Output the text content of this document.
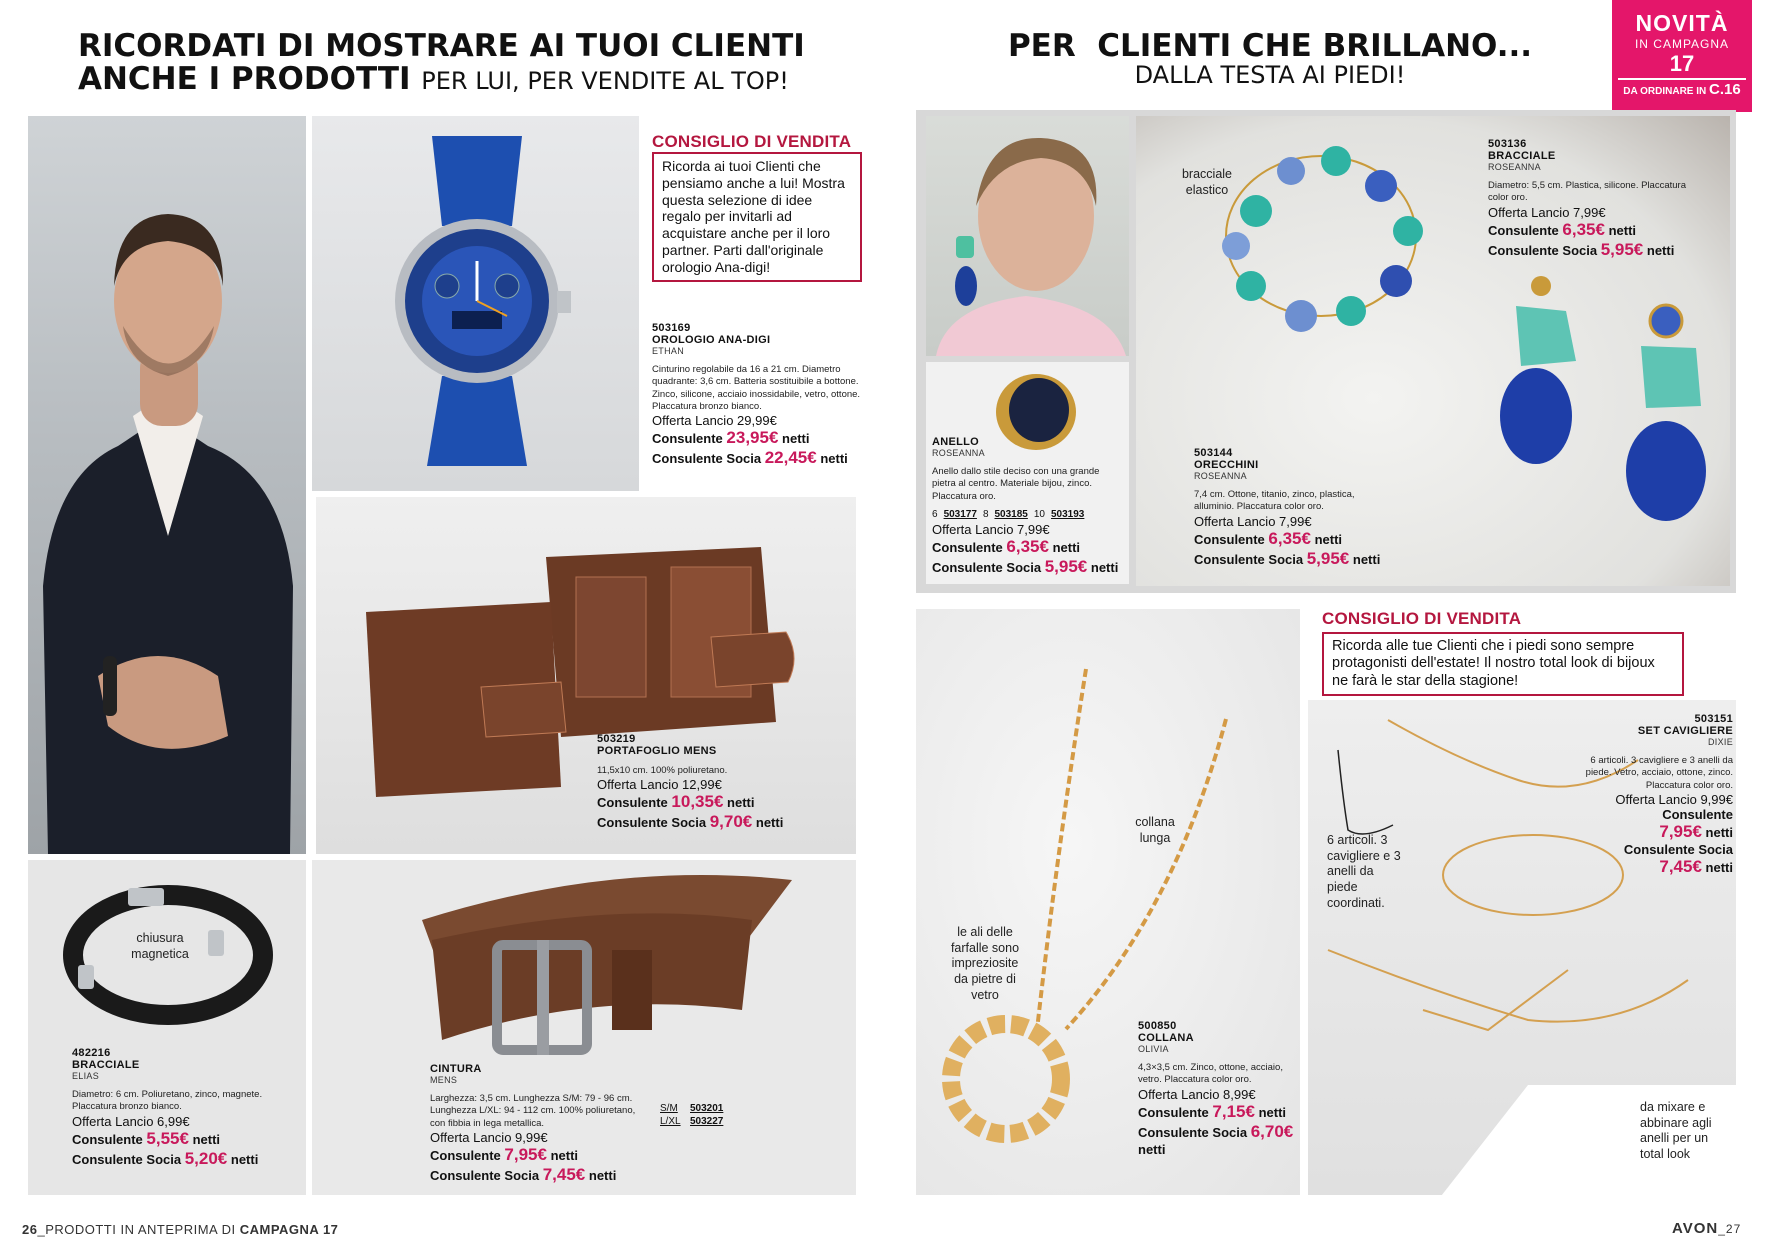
RICORDATI DI MOSTRARE AI TUOI CLIENTI
ANCHE I PRODOTTI PER LUI, PER VENDITE AL TOP!
CONSIGLIO DI VENDITA
Ricorda ai tuoi Clienti che pensiamo anche a lui! Mostra questa selezione di idee regalo per invitarli ad acquistare anche per il loro partner. Parti dall'originale orologio Ana-digi!
503169
OROLOGIO ANA-DIGI
ETHAN
Cinturino regolabile da 16 a 21 cm. Diametro quadrante: 3,6 cm. Batteria sostituibile a bottone. Zinco, silicone, acciaio inossidabile, vetro, ottone. Placcatura bronzo bianco.
Offerta Lancio 29,99€
Consulente 23,95€ netti
Consulente Socia 22,45€ netti
503219
PORTAFOGLIO MENS
11,5x10 cm. 100% poliuretano.
Offerta Lancio 12,99€
Consulente 10,35€ netti
Consulente Socia 9,70€ netti
chiusura magnetica
482216
BRACCIALE
ELIAS
Diametro: 6 cm. Poliuretano, zinco, magnete. Placcatura bronzo bianco.
Offerta Lancio 6,99€
Consulente 5,55€ netti
Consulente Socia 5,20€ netti
CINTURA
MENS
Larghezza: 3,5 cm. Lunghezza S/M: 79 - 96 cm. Lunghezza L/XL: 94 - 112 cm. 100% poliuretano, con fibbia in lega metallica.
Offerta Lancio 9,99€
Consulente 7,95€ netti
Consulente Socia 7,45€ netti
S/M 503201
L/XL 503227
26_PRODOTTI IN ANTEPRIMA DI CAMPAGNA 17
PER  CLIENTI CHE BRILLANO...
DALLA TESTA AI PIEDI!
NOVITÀ
IN CAMPAGNA
17
DA ORDINARE IN C.16
ANELLO
ROSEANNA
Anello dallo stile deciso con una grande pietra al centro. Materiale bijou, zinco. Placcatura oro.
6 503177 8 503185 10 503193
Offerta Lancio 7,99€
Consulente 6,35€ netti
Consulente Socia 5,95€ netti
bracciale elastico
503136
BRACCIALE
ROSEANNA
Diametro: 5,5 cm. Plastica, silicone. Placcatura color oro.
Offerta Lancio 7,99€
Consulente 6,35€ netti
Consulente Socia 5,95€ netti
503144
ORECCHINI
ROSEANNA
7,4 cm. Ottone, titanio, zinco, plastica, alluminio. Placcatura color oro.
Offerta Lancio 7,99€
Consulente 6,35€ netti
Consulente Socia 5,95€ netti
collana lunga
le ali delle farfalle sono impreziosite da pietre di vetro
500850
COLLANA
OLIVIA
4,3×3,5 cm. Zinco, ottone, acciaio, vetro. Placcatura color oro.
Offerta Lancio 8,99€
Consulente 7,15€ netti
Consulente Socia 6,70€ netti
CONSIGLIO DI VENDITA
Ricorda alle tue Clienti che i piedi sono sempre protagonisti dell'estate! Il nostro total look di bijoux ne farà le star della stagione!
6 articoli. 3 cavigliere e 3 anelli da piede coordinati.
da mixare e abbinare agli anelli per un total look
503151
SET CAVIGLIERE
DIXIE
6 articoli. 3 cavigliere e 3 anelli da piede. Vetro, acciaio, ottone, zinco. Placcatura color oro.
Offerta Lancio 9,99€
Consulente
7,95€ netti
Consulente Socia
7,45€ netti
AVON_27
